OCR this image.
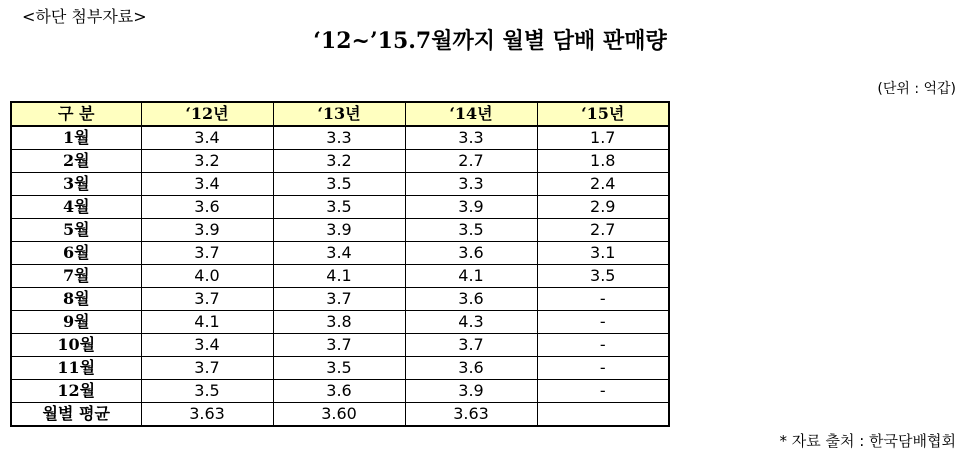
<하단 첨부자료>
‘12~’15.7월까지 월별 담배 판매량
(단위 : 억갑)
구 분	‘12년	‘13년	‘14년	‘15년
1월	3.4	3.3	3.3	1.7
2월	3.2	3.2	2.7	1.8
3월	3.4	3.5	3.3	2.4
4월	3.6	3.5	3.9	2.9
5월	3.9	3.9	3.5	2.7
6월	3.7	3.4	3.6	3.1
7월	4.0	4.1	4.1	3.5
8월	3.7	3.7	3.6	-
9월	4.1	3.8	4.3	-
10월	3.4	3.7	3.7	-
11월	3.7	3.5	3.6	-
12월	3.5	3.6	3.9	-
월별 평균	3.63	3.60	3.63	
* 자료 출처 : 한국담배협회
